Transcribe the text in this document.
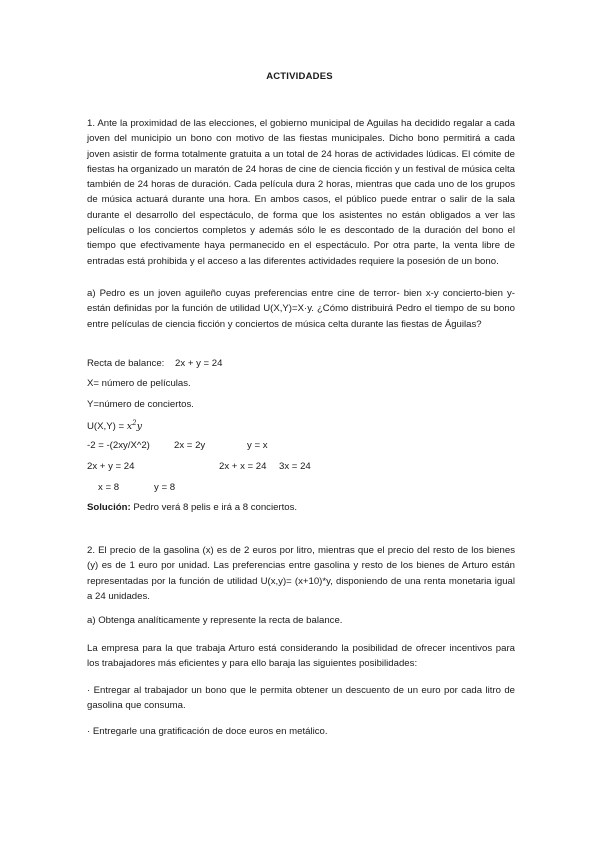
ACTIVIDADES
1. Ante la proximidad de las elecciones, el gobierno municipal de Aguilas ha decidido regalar a cada joven del municipio un bono con motivo de las fiestas municipales. Dicho bono permitirá a cada joven asistir de forma totalmente gratuita a un total de 24 horas de actividades lúdicas. El cómite de fiestas ha organizado un maratón de 24 horas de cine de ciencia ficción y un festival de música celta también de 24 horas de duración. Cada película dura 2 horas, mientras que cada uno de los grupos de música actuará durante una hora. En ambos casos, el público puede entrar o salir de la sala durante el desarrollo del espectáculo, de forma que los asistentes no están obligados a ver las películas o los conciertos completos y además sólo le es descontado de la duración del bono el tiempo que efectivamente haya permanecido en el espectáculo. Por otra parte, la venta libre de entradas está prohibida y el acceso a las diferentes actividades requiere la posesión de un bono.
a) Pedro es un joven aguileño cuyas preferencias entre cine de terror- bien x-y concierto-bien y- están definidas por la función de utilidad U(X,Y)=X·y. ¿Cómo distribuirá Pedro el tiempo de su bono entre películas de ciencia ficción y conciertos de música celta durante las fiestas de Águilas?
Recta de balance: 2x + y = 24
X= número de películas.
Y=número de conciertos.
$U(X,Y) = x^2y$
-2 = -(2xy/X^2)	2x = 2y	y = x
2x + y = 24	2x + x = 24 3x = 24
x = 8	y = 8
Solución: Pedro verá 8 pelis e irá a 8 conciertos.
2. El precio de la gasolina (x) es de 2 euros por litro, mientras que el precio del resto de los bienes (y) es de 1 euro por unidad. Las preferencias entre gasolina y resto de los bienes de Arturo están representadas por la función de utilidad U(x,y)= (x+10)*y, disponiendo de una renta monetaria igual a 24 unidades.
a) Obtenga analíticamente y represente la recta de balance.
La empresa para la que trabaja Arturo está considerando la posibilidad de ofrecer incentivos para los trabajadores más eficientes y para ello baraja las siguientes posibilidades:
· Entregar al trabajador un bono que le permita obtener un descuento de un euro por cada litro de gasolina que consuma.
· Entregarle una gratificación de doce euros en metálico.
